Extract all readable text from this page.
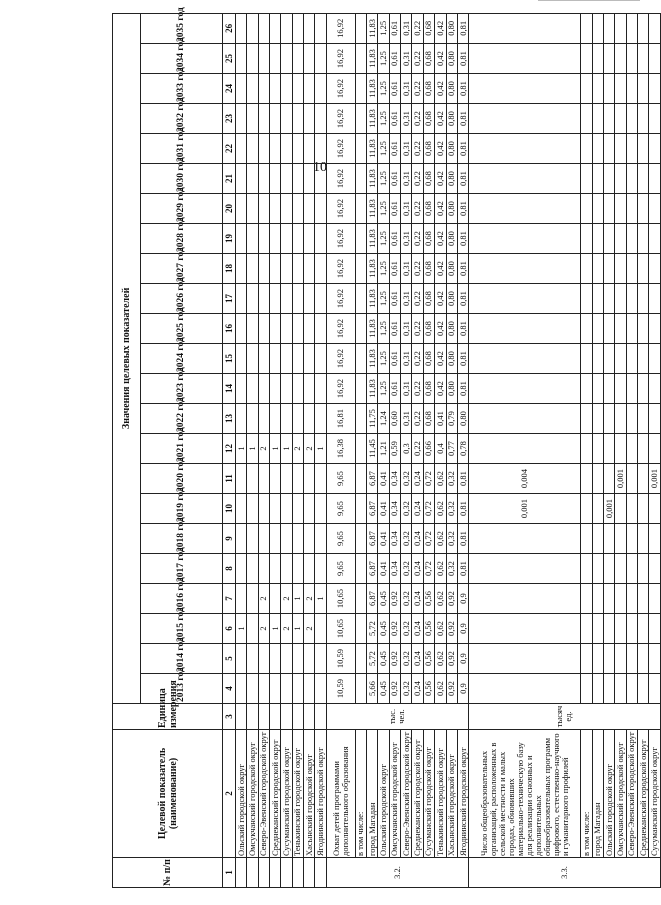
10
№ п/п	Целевой показатель (наименование)	Единица измерения	Значения целевых показателей																						
			2013 год	2014 год	2015 год	2016 год	2017 год	2018 год	2019 год	2020 год	2021 год	2022 год	2023 год	2024 год	2025 год	2026 год	2027 год	2028 год	2029 год	2030 год	2031 год	2032 год	2033 год	2034 год	2035 год
1	2	3	4	5	6	7	8	9	10	11	12	13	14	15	16	17	18	19	20	21	22	23	24	25	26
	Ольский городской округ				1						1														
	Омсукчанский городской округ										1														
	Северо-Эвенский городской округ				2	2					2														
	Среднеканский городской округ				1						1														
	Сусуманский городской округ				2	2					1														
	Тенькинский городской округ				1	1					2														
	Хасынский городской округ				2	2					2														
	Ягоднинский городской округ					1					1														
3.2.	Охват детей программами дополнительного образования	тыс. чел.	10,59	10,59	10,65	10,65	9,65	9,65	9,65	9,65	16,38	16,81	16,92	16,92	16,92	16,92	16,92	16,92	16,92	16,92	16,92	16,92	16,92	16,92	16,92
	в том числе:																								
	город Магадан		5,66	5,72	5,72	6,87	6,87	6,87	6,87	6,87	11,45	11,75	11,83	11,83	11,83	11,83	11,83	11,83	11,83	11,83	11,83	11,83	11,83	11,83	11,83
	Ольский городской округ		0,45	0,45	0,45	0,45	0,41	0,41	0,41	0,41	1,21	1,24	1,25	1,25	1,25	1,25	1,25	1,25	1,25	1,25	1,25	1,25	1,25	1,25	1,25
	Омсукчанский городской округ		0,92	0,92	0,92	0,92	0,34	0,34	0,34	0,34	0,59	0,60	0,61	0,61	0,61	0,61	0,61	0,61	0,61	0,61	0,61	0,61	0,61	0,61	0,61
	Северо-Эвенский городской округ		0,32	0,32	0,32	0,32	0,32	0,32	0,32	0,32	0,3	0,31	0,31	0,31	0,31	0,31	0,31	0,31	0,31	0,31	0,31	0,31	0,31	0,31	0,31
	Среднеканский городской округ		0,24	0,24	0,24	0,24	0,24	0,24	0,24	0,24	0,22	0,22	0,22	0,22	0,22	0,22	0,22	0,22	0,22	0,22	0,22	0,22	0,22	0,22	0,22
	Сусуманский городской округ		0,56	0,56	0,56	0,56	0,72	0,72	0,72	0,72	0,66	0,68	0,68	0,68	0,68	0,68	0,68	0,68	0,68	0,68	0,68	0,68	0,68	0,68	0,68
	Тенькинский городской округ		0,62	0,62	0,62	0,62	0,62	0,62	0,62	0,62	0,4	0,41	0,42	0,42	0,42	0,42	0,42	0,42	0,42	0,42	0,42	0,42	0,42	0,42	0,42
	Хасынский городской округ		0,92	0,92	0,92	0,92	0,32	0,32	0,32	0,32	0,77	0,79	0,80	0,80	0,80	0,80	0,80	0,80	0,80	0,80	0,80	0,80	0,80	0,80	0,80
	Ягоднинский городской округ		0,9	0,9	0,9	0,9	0,81	0,81	0,81	0,81	0,78	0,80	0,81	0,81	0,81	0,81	0,81	0,81	0,81	0,81	0,81	0,81	0,81	0,81	0,81
3.3.	Число общеобразовательных организаций, расположенных в сельской местности и малых городах, обновивших материально-техническую базу для реализации основных и дополнительных общеобразовательных программ цифрового, естественно-научного и гуманитарного профилей	тысяч ед.							0,001	0,004															
	в том числе:																								
	город Магадан																								
	Ольский городской округ								0,001																
	Омсукчанский городской округ									0,001															
	Северо-Эвенский городской округ																								
	Среднеканский городской округ																								
	Сусуманский городской округ									0,001															
